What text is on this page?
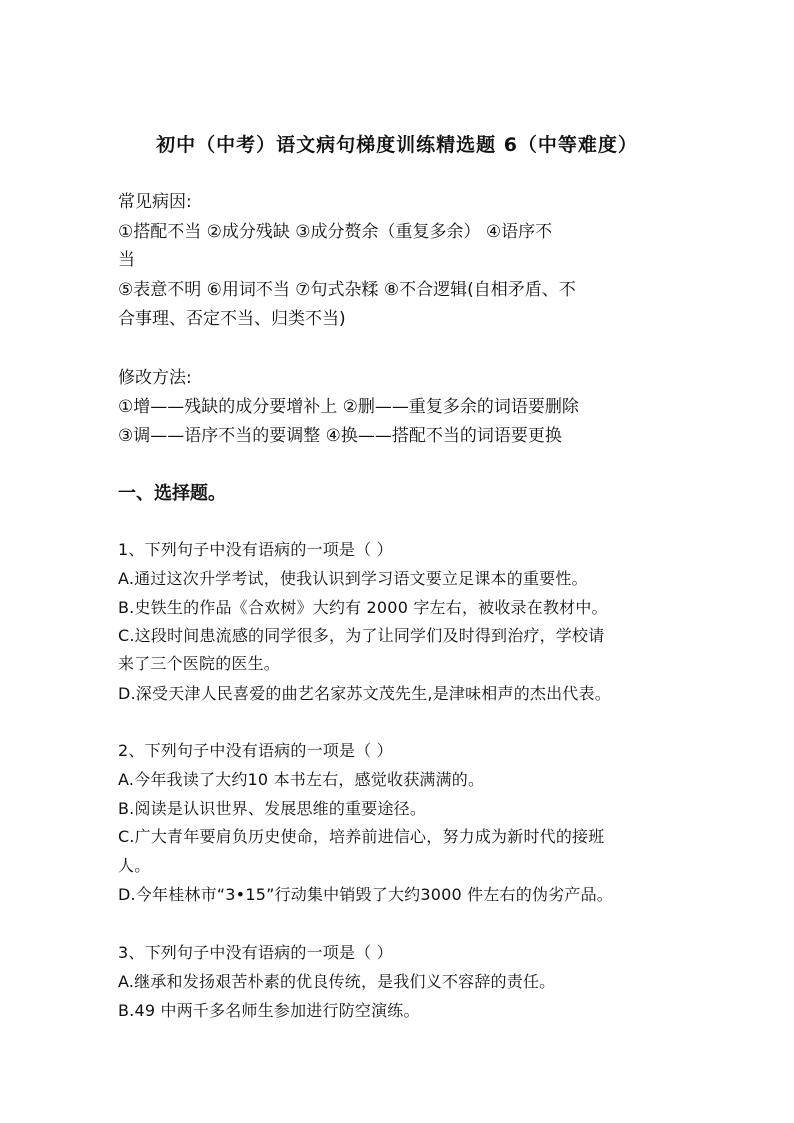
初中（中考）语文病句梯度训练精选题 6（中等难度）
常见病因:
①搭配不当 ②成分残缺 ③成分赘余（重复多余） ④语序不
当
⑤表意不明 ⑥用词不当 ⑦句式杂糅 ⑧不合逻辑(自相矛盾、不
合事理、否定不当、归类不当)
修改方法:
①增——残缺的成分要增补上 ②删——重复多余的词语要删除
③调——语序不当的要调整 ④换——搭配不当的词语要更换
一、选择题。
1、下列句子中没有语病的一项是（ ）
A.通过这次升学考试，使我认识到学习语文要立足课本的重要性。
B.史铁生的作品《合欢树》大约有 2000 字左右，被收录在教材中。
C.这段时间患流感的同学很多，为了让同学们及时得到治疗，学校请
来了三个医院的医生。
D.深受天津人民喜爱的曲艺名家苏文茂先生,是津味相声的杰出代表。
2、下列句子中没有语病的一项是（ ）
A.今年我读了大约10 本书左右，感觉收获满满的。
B.阅读是认识世界、发展思维的重要途径。
C.广大青年要肩负历史使命，培养前进信心，努力成为新时代的接班
人。
D.今年桂林市“3•15”行动集中销毁了大约3000 件左右的伪劣产品。
3、下列句子中没有语病的一项是（ ）
A.继承和发扬艰苦朴素的优良传统，是我们义不容辞的责任。
B.49 中两千多名师生参加进行防空演练。
